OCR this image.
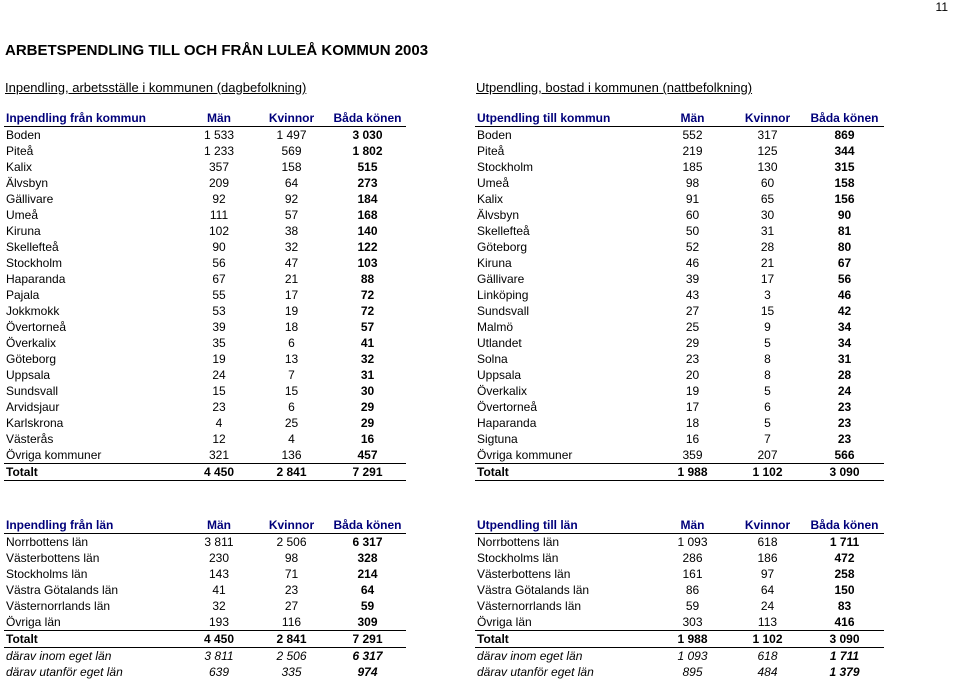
11
ARBETSPENDLING TILL OCH FRÅN LULEÅ KOMMUN 2003
Inpendling, arbetsställe i kommunen (dagbefolkning)	Utpendling, bostad i kommunen (nattbefolkning)
Inpendling från kommun	Män	Kvinnor	Båda könen
Boden	1 533	1 497	3 030
Piteå	1 233	569	1 802
Kalix	357	158	515
Älvsbyn	209	64	273
Gällivare	92	92	184
Umeå	111	57	168
Kiruna	102	38	140
Skellefteå	90	32	122
Stockholm	56	47	103
Haparanda	67	21	88
Pajala	55	17	72
Jokkmokk	53	19	72
Övertorneå	39	18	57
Överkalix	35	6	41
Göteborg	19	13	32
Uppsala	24	7	31
Sundsvall	15	15	30
Arvidsjaur	23	6	29
Karlskrona	4	25	29
Västerås	12	4	16
Övriga kommuner	321	136	457
Totalt	4 450	2 841	7 291
Utpendling till kommun	Män	Kvinnor	Båda könen
Boden	552	317	869
Piteå	219	125	344
Stockholm	185	130	315
Umeå	98	60	158
Kalix	91	65	156
Älvsbyn	60	30	90
Skellefteå	50	31	81
Göteborg	52	28	80
Kiruna	46	21	67
Gällivare	39	17	56
Linköping	43	3	46
Sundsvall	27	15	42
Malmö	25	9	34
Utlandet	29	5	34
Solna	23	8	31
Uppsala	20	8	28
Överkalix	19	5	24
Övertorneå	17	6	23
Haparanda	18	5	23
Sigtuna	16	7	23
Övriga kommuner	359	207	566
Totalt	1 988	1 102	3 090
Inpendling från län	Män	Kvinnor	Båda könen
Norrbottens län	3 811	2 506	6 317
Västerbottens län	230	98	328
Stockholms län	143	71	214
Västra Götalands län	41	23	64
Västernorrlands län	32	27	59
Övriga län	193	116	309
Totalt	4 450	2 841	7 291
därav inom eget län	3 811	2 506	6 317
därav utanför eget län	639	335	974
Utpendling till län	Män	Kvinnor	Båda könen
Norrbottens län	1 093	618	1 711
Stockholms län	286	186	472
Västerbottens län	161	97	258
Västra Götalands län	86	64	150
Västernorrlands län	59	24	83
Övriga län	303	113	416
Totalt	1 988	1 102	3 090
därav inom eget län	1 093	618	1 711
därav utanför eget län	895	484	1 379
